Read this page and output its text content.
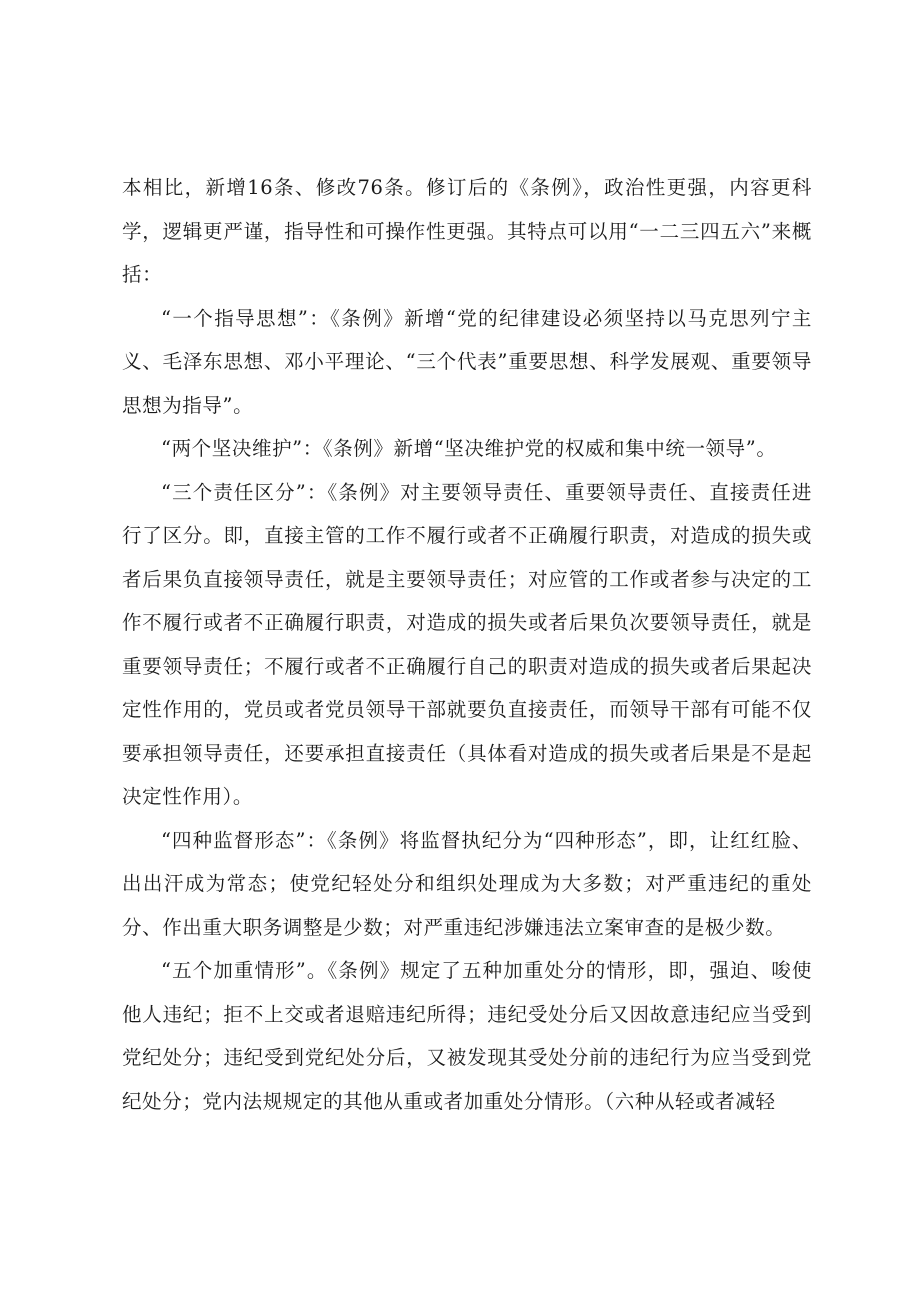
本相比，新增16条、修改76条。修订后的《条例》，政治性更强，内容更科学，逻辑更严谨，指导性和可操作性更强。其特点可以用“一二三四五六”来概括：

“一个指导思想”：《条例》新增“党的纪律建设必须坚持以马克思列宁主义、毛泽东思想、邓小平理论、“三个代表”重要思想、科学发展观、重要领导思想为指导”。

“两个坚决维护”：《条例》新增“坚决维护党的权威和集中统一领导”。

“三个责任区分”：《条例》对主要领导责任、重要领导责任、直接责任进行了区分。即，直接主管的工作不履行或者不正确履行职责，对造成的损失或者后果负直接领导责任，就是主要领导责任；对应管的工作或者参与决定的工作不履行或者不正确履行职责，对造成的损失或者后果负次要领导责任，就是重要领导责任；不履行或者不正确履行自己的职责对造成的损失或者后果起决定性作用的，党员或者党员领导干部就要负直接责任，而领导干部有可能不仅要承担领导责任，还要承担直接责任（具体看对造成的损失或者后果是不是起决定性作用）。

“四种监督形态”：《条例》将监督执纪分为“四种形态”，即，让红红脸、出出汗成为常态；使党纪轻处分和组织处理成为大多数；对严重违纪的重处分、作出重大职务调整是少数；对严重违纪涉嫌违法立案审查的是极少数。

“五个加重情形”。《条例》规定了五种加重处分的情形，即，强迫、唆使他人违纪；拒不上交或者退赔违纪所得；违纪受处分后又因故意违纪应当受到党纪处分；违纪受到党纪处分后，又被发现其受处分前的违纪行为应当受到党纪处分；党内法规规定的其他从重或者加重处分情形。（六种从轻或者减轻
